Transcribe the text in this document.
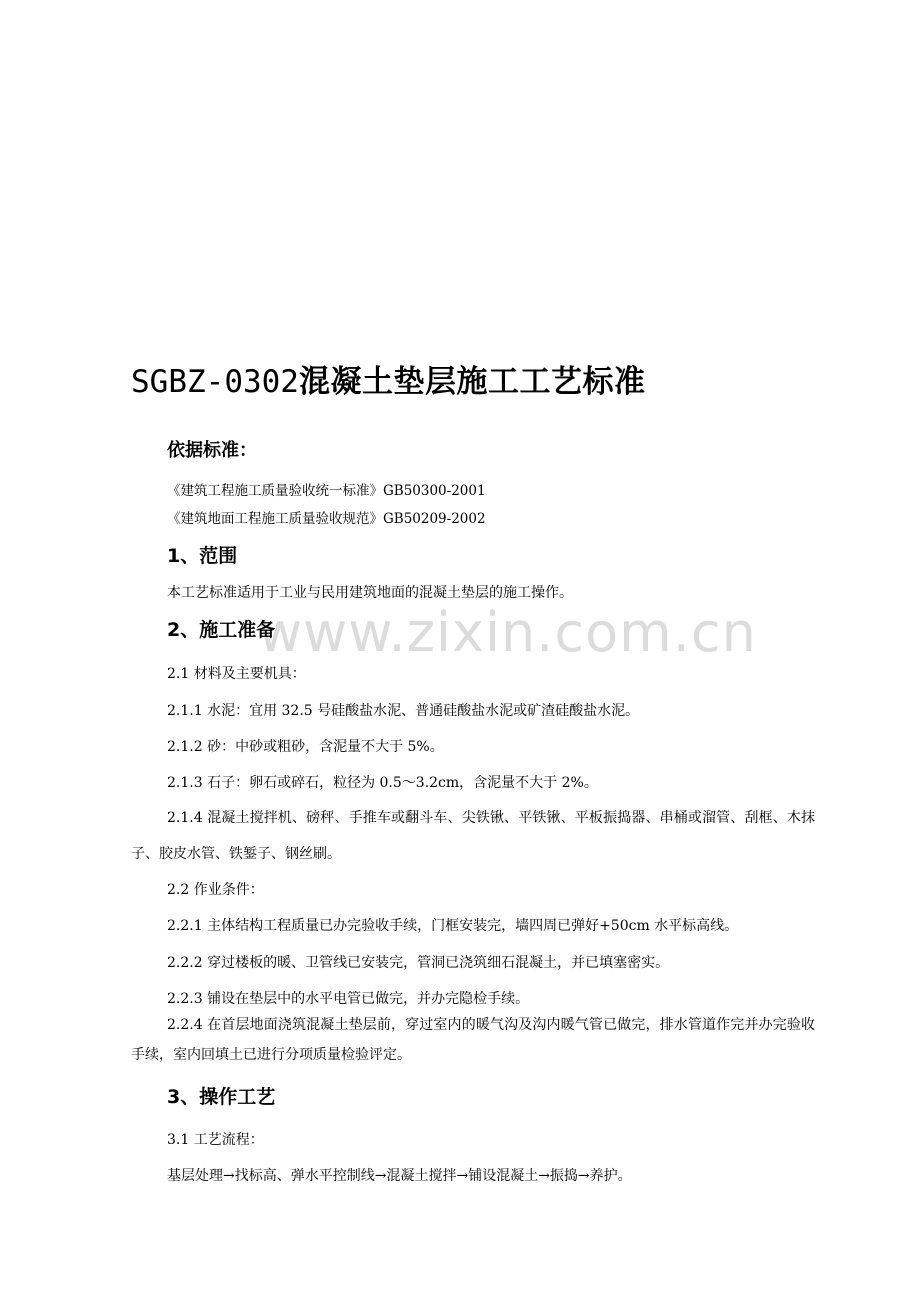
SGBZ-0302混凝土垫层施工工艺标准
依据标准：
《建筑工程施工质量验收统一标准》GB50300-2001
《建筑地面工程施工质量验收规范》GB50209-2002
1、范围
本工艺标准适用于工业与民用建筑地面的混凝土垫层的施工操作。
www.zixin.com.cn
2、施工准备
2.1 材料及主要机具：
2.1.1 水泥：宜用 32.5 号硅酸盐水泥、普通硅酸盐水泥或矿渣硅酸盐水泥。
2.1.2 砂：中砂或粗砂，含泥量不大于 5%。
2.1.3 石子：卵石或碎石，粒径为 0.5～3.2cm，含泥量不大于 2%。
2.1.4 混凝土搅拌机、磅秤、手推车或翻斗车、尖铁锹、平铁锹、平板振捣器、串桶或溜管、刮框、木抹子、胶皮水管、铁錾子、钢丝刷。
2.2 作业条件：
2.2.1 主体结构工程质量已办完验收手续，门框安装完，墙四周已弹好+50cm 水平标高线。
2.2.2 穿过楼板的暖、卫管线已安装完，管洞已浇筑细石混凝土，并已填塞密实。
2.2.3 铺设在垫层中的水平电管已做完，并办完隐检手续。
2.2.4 在首层地面浇筑混凝土垫层前，穿过室内的暖气沟及沟内暖气管已做完，排水管道作完并办完验收手续，室内回填土已进行分项质量检验评定。
3、操作工艺
3.1 工艺流程：
基层处理→找标高、弹水平控制线→混凝土搅拌→铺设混凝土→振捣→养护。
